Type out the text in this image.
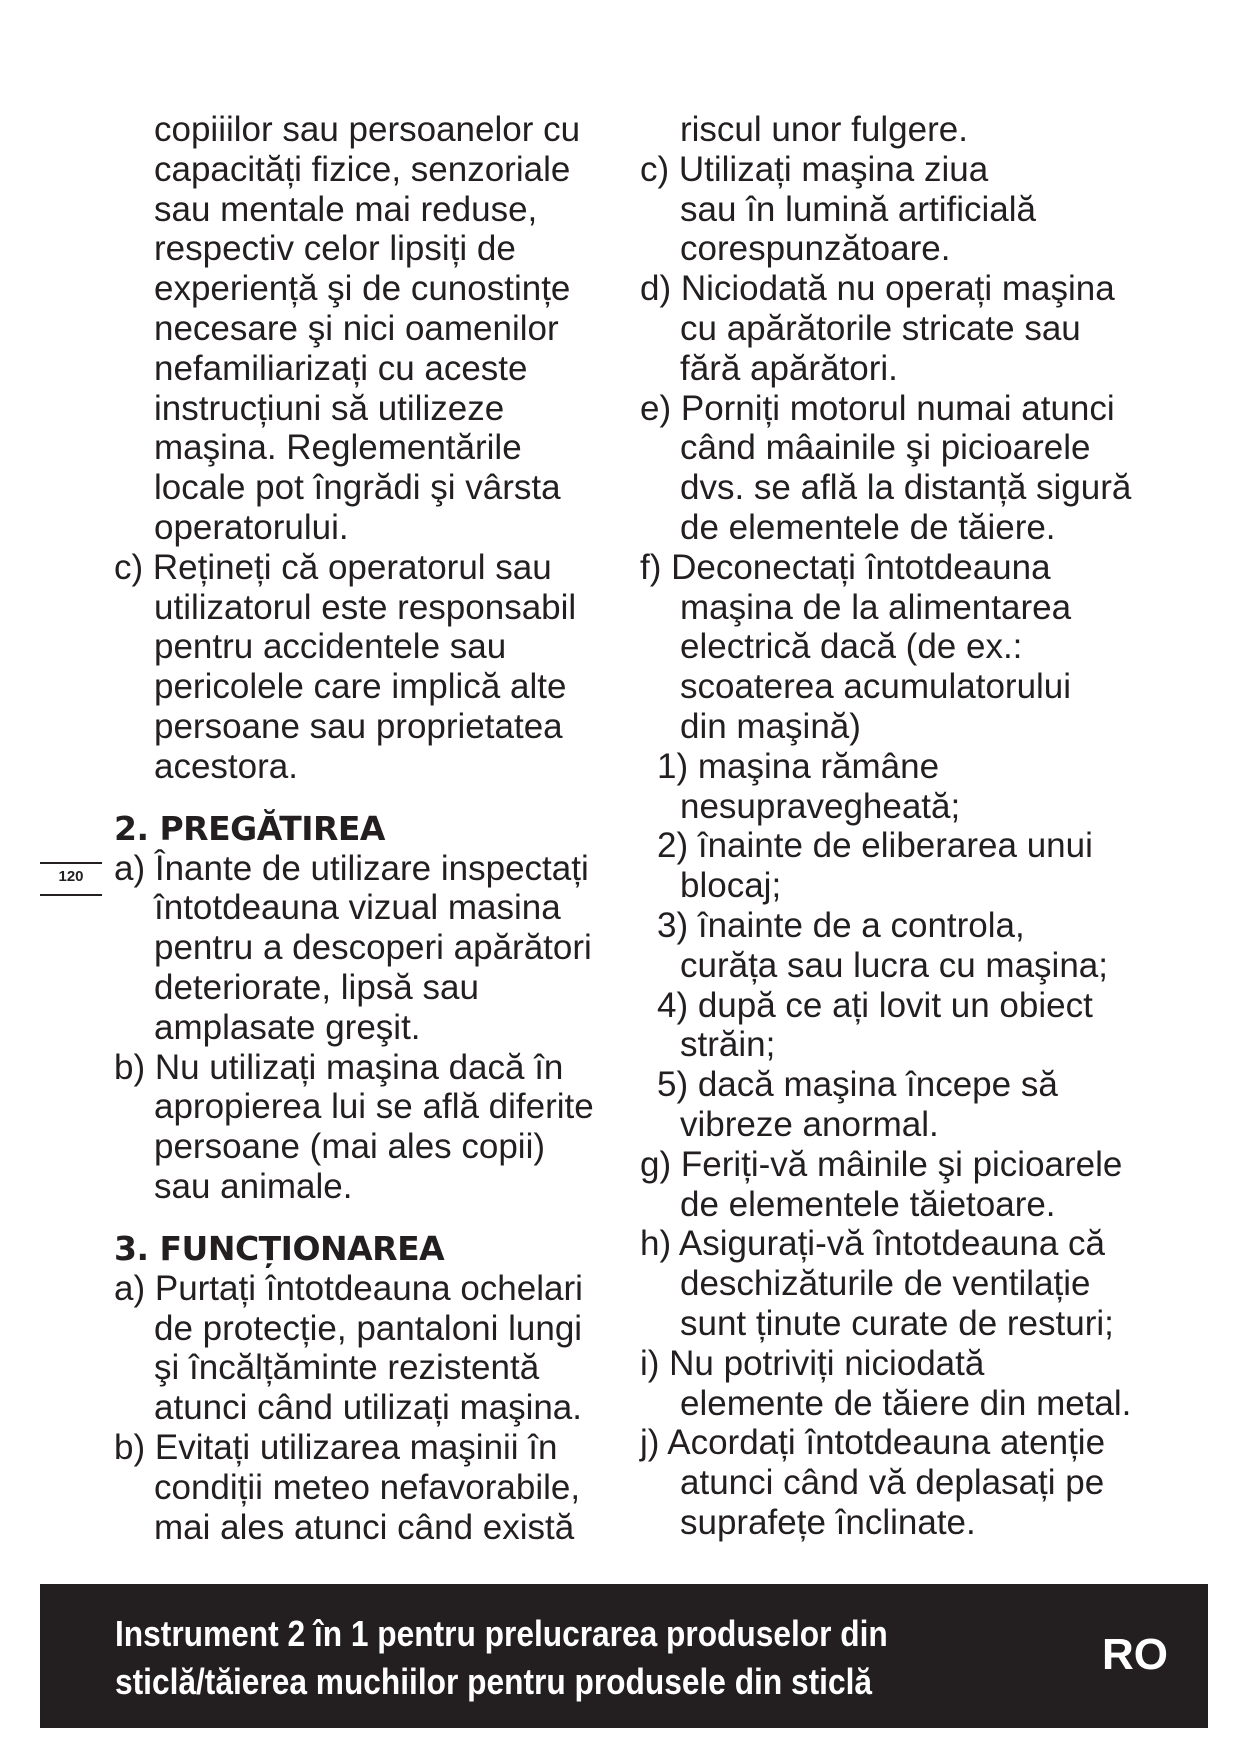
120
copiiilor sau persoanelor cu
capacități fizice, senzoriale
sau mentale mai reduse,
respectiv celor lipsiți de
experiență şi de cunostințe
necesare şi nici oamenilor
nefamiliarizați cu aceste
instrucțiuni să utilizeze
maşina. Reglementările
locale pot îngrădi şi vârsta
operatorului.
c) Rețineți că operatorul sau
utilizatorul este responsabil
pentru accidentele sau
pericolele care implică alte
persoane sau proprietatea
acestora.
2. PREGĂTIREA
a) Înante de utilizare inspectați
întotdeauna vizual masina
pentru a descoperi apărători
deteriorate, lipsă sau
amplasate greşit.
b) Nu utilizați maşina dacă în
apropierea lui se află diferite
persoane (mai ales copii)
sau animale.
3. FUNCȚIONAREA
a) Purtați întotdeauna ochelari
de protecție, pantaloni lungi
şi încălțăminte rezistentă
atunci când utilizați maşina.
b) Evitați utilizarea maşinii în
condiții meteo nefavorabile,
mai ales atunci când există
riscul unor fulgere.
c) Utilizați maşina ziua
sau în lumină artificială
corespunzătoare.
d) Niciodată nu operați maşina
cu apărătorile stricate sau
fără apărători.
e) Porniți motorul numai atunci
când mâainile şi picioarele
dvs. se află la distanță sigură
de elementele de tăiere.
f) Deconectați întotdeauna
maşina de la alimentarea
electrică dacă (de ex.:
scoaterea acumulatorului
din maşină)
1) maşina rămâne
nesupravegheată;
2) înainte de eliberarea unui
blocaj;
3) înainte de a controla,
curăța sau lucra cu maşina;
4) după ce ați lovit un obiect
străin;
5) dacă maşina începe să
vibreze anormal.
g) Feriți-vă mâinile şi picioarele
de elementele tăietoare.
h) Asigurați-vă întotdeauna că
deschizăturile de ventilație
sunt ținute curate de resturi;
i) Nu potriviți niciodată
elemente de tăiere din metal.
j) Acordați întotdeauna atenție
atunci când vă deplasați pe
suprafețe înclinate.
Instrument 2 în 1 pentru prelucrarea produselor din
sticlă/tăierea muchiilor pentru produsele din sticlă
RO
